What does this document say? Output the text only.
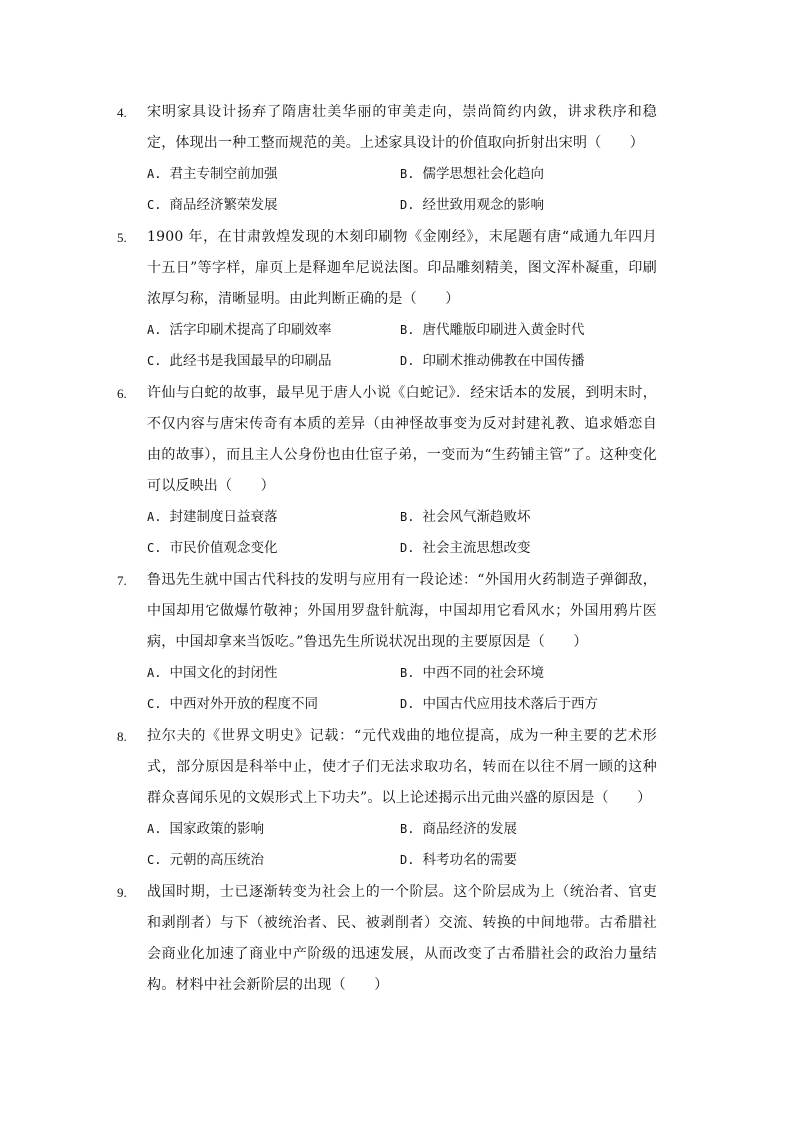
4. 宋明家具设计扬弃了隋唐壮美华丽的审美走向，崇尚简约内敛，讲求秩序和稳定，体现出一种工整而规范的美。上述家具设计的价值取向折射出宋明（　　）
A. 君主专制空前加强	B. 儒学思想社会化趋向
C. 商品经济繁荣发展	D. 经世致用观念的影响
5. 1900 年，在甘肃敦煌发现的木刻印刷物《金刚经》，末尾题有唐“咸通九年四月十五日”等字样，扉页上是释迦牟尼说法图。印品雕刻精美，图文浑朴凝重，印刷浓厚匀称，清晰显明。由此判断正确的是（　　）
A. 活字印刷术提高了印刷效率	B. 唐代雕版印刷进入黄金时代
C. 此经书是我国最早的印刷品	D. 印刷术推动佛教在中国传播
6. 许仙与白蛇的故事，最早见于唐人小说《白蛇记》．经宋话本的发展，到明末时，不仅内容与唐宋传奇有本质的差异（由神怪故事变为反对封建礼教、追求婚恋自由的故事），而且主人公身份也由仕宦子弟，一变而为“生药铺主管”了。这种变化可以反映出（　　）
A. 封建制度日益衰落	B. 社会风气渐趋败坏
C. 市民价值观念变化	D. 社会主流思想改变
7. 鲁迅先生就中国古代科技的发明与应用有一段论述：“外国用火药制造子弹御敌，中国却用它做爆竹敬神；外国用罗盘针航海，中国却用它看风水；外国用鸦片医病，中国却拿来当饭吃。”鲁迅先生所说状况出现的主要原因是（　　）
A. 中国文化的封闭性	B. 中西不同的社会环境
C. 中西对外开放的程度不同	D. 中国古代应用技术落后于西方
8. 拉尔夫的《世界文明史》记载：“元代戏曲的地位提高，成为一种主要的艺术形式，部分原因是科举中止，使才子们无法求取功名，转而在以往不屑一顾的这种群众喜闻乐见的文娱形式上下功夫”。以上论述揭示出元曲兴盛的原因是（　　）
A. 国家政策的影响	B. 商品经济的发展
C. 元朝的高压统治	D. 科考功名的需要
9. 战国时期，士已逐渐转变为社会上的一个阶层。这个阶层成为上（统治者、官吏和剥削者）与下（被统治者、民、被剥削者）交流、转换的中间地带。古希腊社会商业化加速了商业中产阶级的迅速发展，从而改变了古希腊社会的政治力量结构。材料中社会新阶层的出现（　　）
